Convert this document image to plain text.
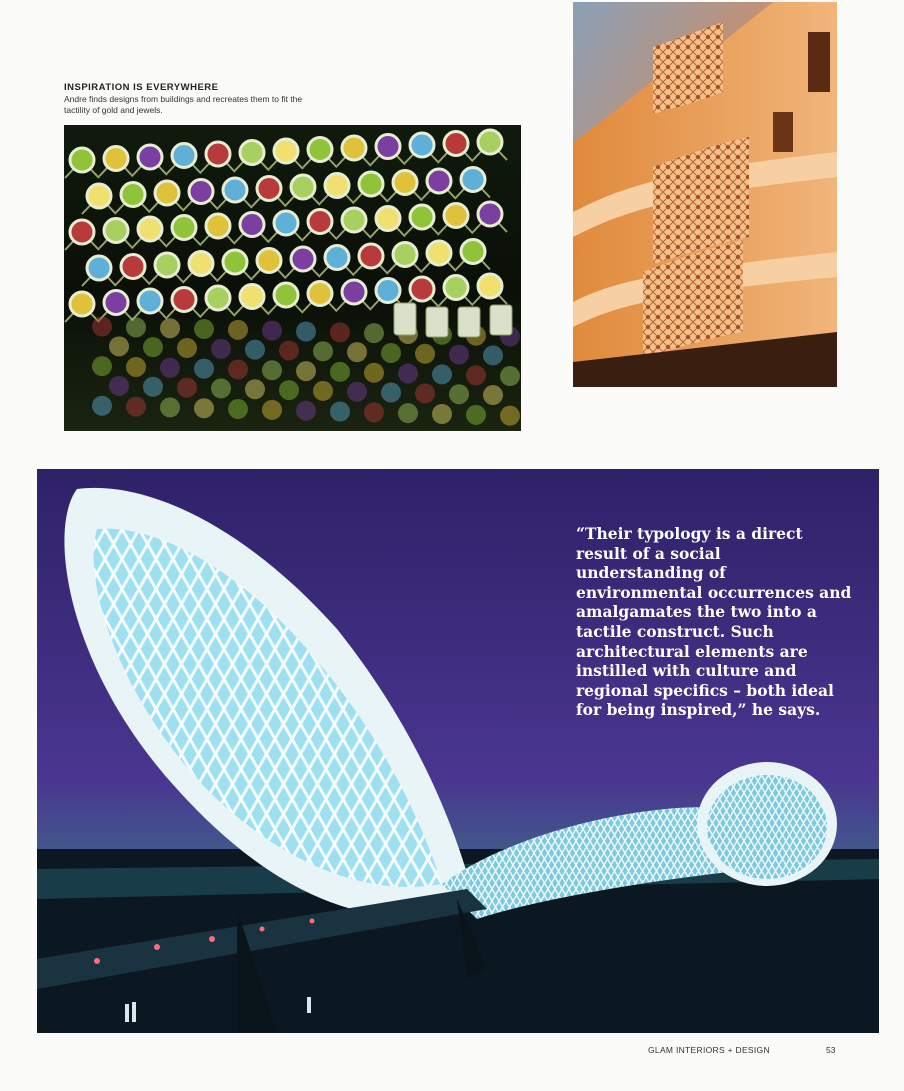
INSPIRATION IS EVERYWHERE
Andre finds designs from buildings and recreates them to fit the tactility of gold and jewels.

“Their typology is a direct result of a social understanding of environmental occurrences and amalgamates the two into a tactile construct. Such architectural elements are instilled with culture and regional specifics – both ideal for being inspired,” he says.

GLAM INTERIORS + DESIGN	53
